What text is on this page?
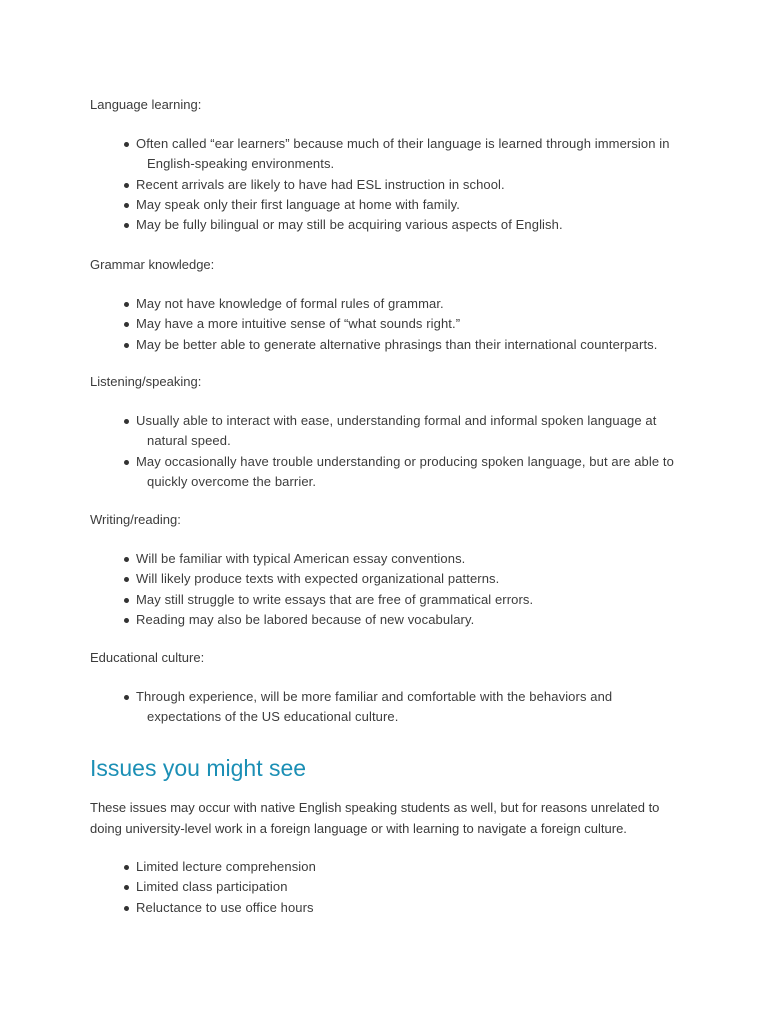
Language learning:

Often called “ear learners” because much of their language is learned through immersion in
English-speaking environments.
Recent arrivals are likely to have had ESL instruction in school.
May speak only their first language at home with family.
May be fully bilingual or may still be acquiring various aspects of English.

Grammar knowledge:

May not have knowledge of formal rules of grammar.
May have a more intuitive sense of “what sounds right.”
May be better able to generate alternative phrasings than their international counterparts.

Listening/speaking:

Usually able to interact with ease, understanding formal and informal spoken language at
natural speed.
May occasionally have trouble understanding or producing spoken language, but are able to
quickly overcome the barrier.

Writing/reading:

Will be familiar with typical American essay conventions.
Will likely produce texts with expected organizational patterns.
May still struggle to write essays that are free of grammatical errors.
Reading may also be labored because of new vocabulary.

Educational culture:

Through experience, will be more familiar and comfortable with the behaviors and
expectations of the US educational culture.
Issues you might see

These issues may occur with native English speaking students as well, but for reasons unrelated to doing university-level work in a foreign language or with learning to navigate a foreign culture.

Limited lecture comprehension
Limited class participation
Reluctance to use office hours
